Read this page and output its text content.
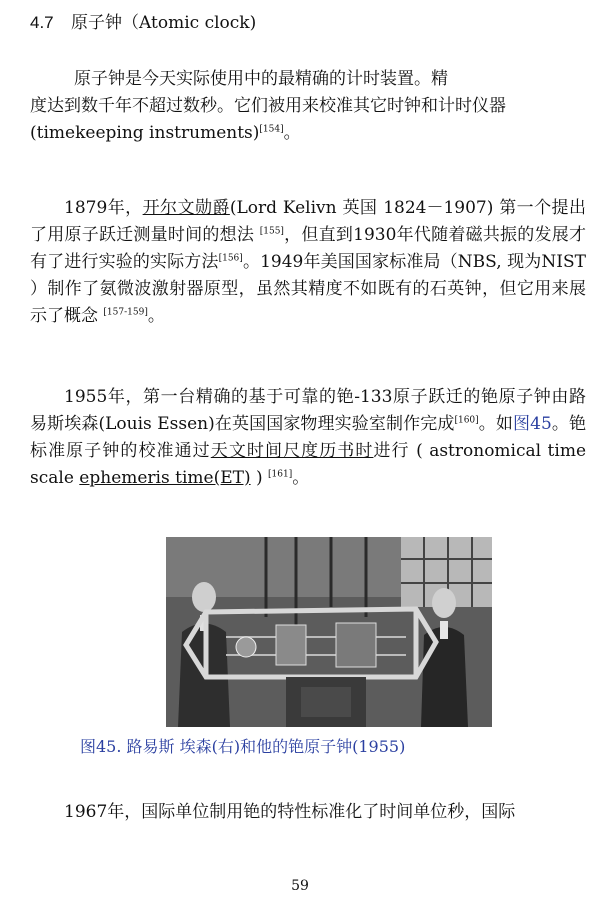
4.7 原子钟（Atomic clock)
原子钟是今天实际使用中的最精确的计时装置。精
度达到数千年不超过数秒。它们被用来校准其它时钟和计时仪器
(timekeeping instruments)[154]。
1879年，开尔文勋爵(Lord Kelivn 英国 1824－1907) 第一个提出了用原子跃迁测量时间的想法 [155]，但直到1930年代随着磁共振的发展才有了进行实验的实际方法[156]。1949年美国国家标准局（NBS, 现为NIST ）制作了氨微波激射器原型，虽然其精度不如既有的石英钟，但它用来展示了概念 [157-159]。
1955年，第一台精确的基于可靠的铯-133原子跃迁的铯原子钟由路易斯埃森(Louis Essen)在英国国家物理实验室制作完成[160]。如图45。铯标准原子钟的校准通过天文时间尺度历书时进行 ( astronomical time scale ephemeris time(ET) ) [161]。
图45. 路易斯 埃森(右)和他的铯原子钟(1955)
1967年，国际单位制用铯的特性标准化了时间单位秒，国际
59
